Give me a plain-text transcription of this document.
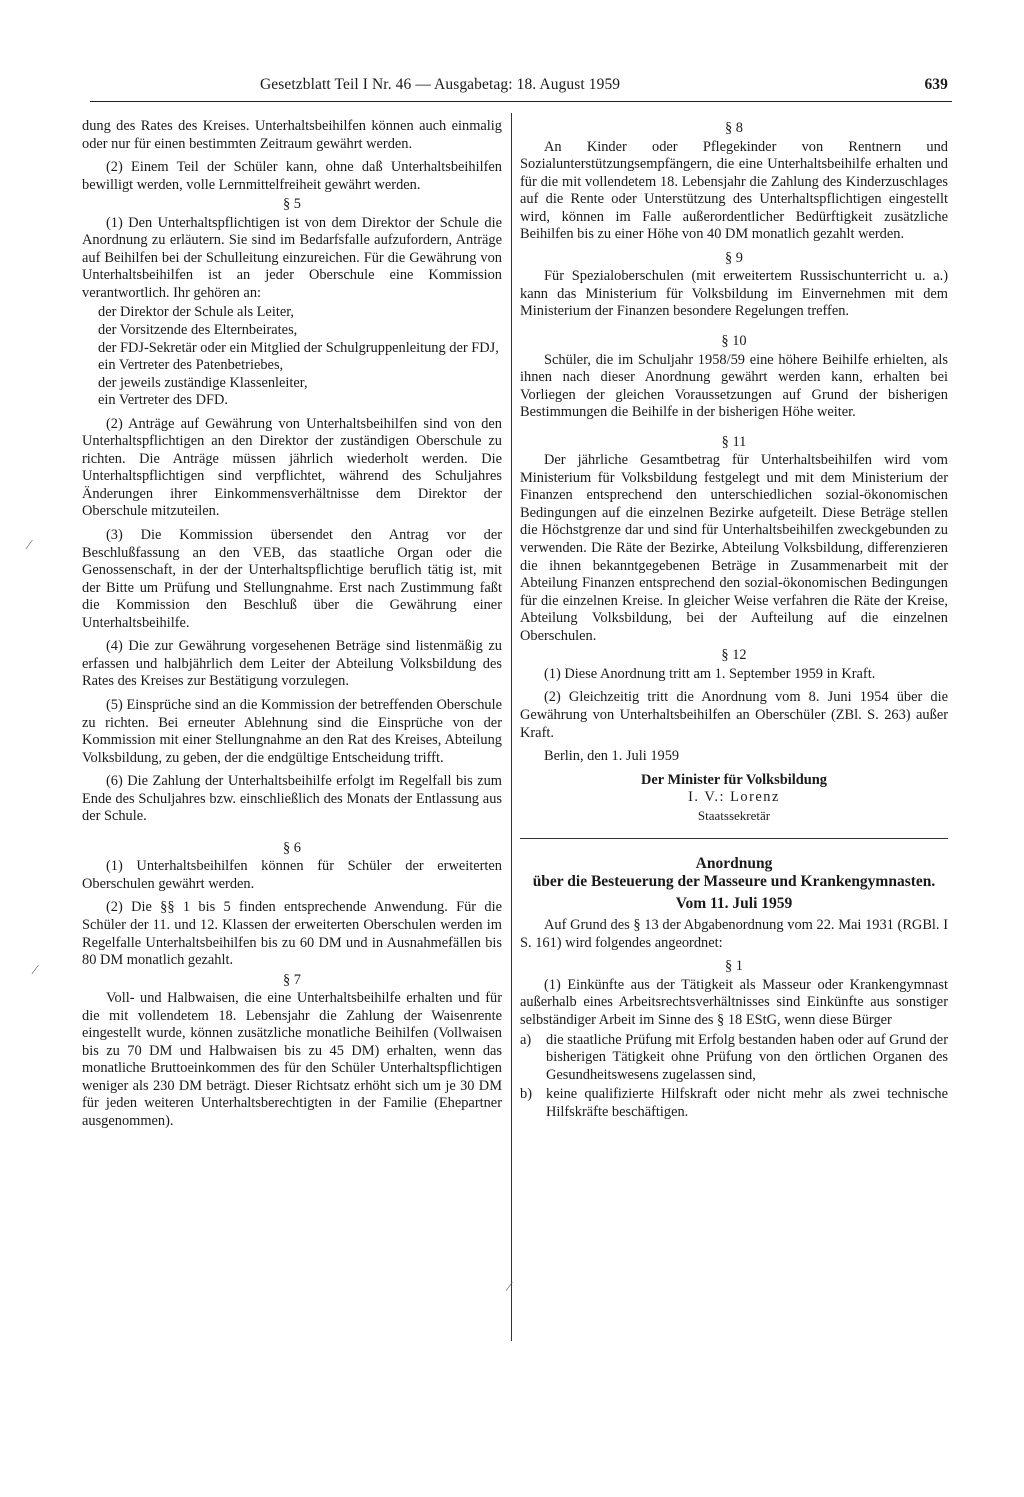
Gesetzblatt Teil I Nr. 46 — Ausgabetag: 18. August 1959	639
⁄
⁄
⁄

dung des Rates des Kreises. Unterhaltsbeihilfen können auch einmalig oder nur für einen bestimmten Zeitraum gewährt werden.

(2) Einem Teil der Schüler kann, ohne daß Unterhaltsbeihilfen bewilligt werden, volle Lernmittelfreiheit gewährt werden.

§ 5

(1) Den Unterhaltspflichtigen ist von dem Direktor der Schule die Anordnung zu erläutern. Sie sind im Bedarfsfalle aufzufordern, Anträge auf Beihilfen bei der Schulleitung einzureichen. Für die Gewährung von Unterhaltsbeihilfen ist an jeder Oberschule eine Kommission verantwortlich. Ihr gehören an:

der Direktor der Schule als Leiter,
der Vorsitzende des Elternbeirates,
der FDJ-Sekretär oder ein Mitglied der Schulgruppenleitung der FDJ,
ein Vertreter des Patenbetriebes,
der jeweils zuständige Klassenleiter,
ein Vertreter des DFD.

(2) Anträge auf Gewährung von Unterhaltsbeihilfen sind von den Unterhaltspflichtigen an den Direktor der zuständigen Oberschule zu richten. Die Anträge müssen jährlich wiederholt werden. Die Unterhaltspflichtigen sind verpflichtet, während des Schuljahres Änderungen ihrer Einkommensverhältnisse dem Direktor der Oberschule mitzuteilen.

(3) Die Kommission übersendet den Antrag vor der Beschlußfassung an den VEB, das staatliche Organ oder die Genossenschaft, in der der Unterhaltspflichtige beruflich tätig ist, mit der Bitte um Prüfung und Stellungnahme. Erst nach Zustimmung faßt die Kommission den Beschluß über die Gewährung einer Unterhaltsbeihilfe.

(4) Die zur Gewährung vorgesehenen Beträge sind listenmäßig zu erfassen und halbjährlich dem Leiter der Abteilung Volksbildung des Rates des Kreises zur Bestätigung vorzulegen.

(5) Einsprüche sind an die Kommission der betreffenden Oberschule zu richten. Bei erneuter Ablehnung sind die Einsprüche von der Kommission mit einer Stellungnahme an den Rat des Kreises, Abteilung Volksbildung, zu geben, der die endgültige Entscheidung trifft.

(6) Die Zahlung der Unterhaltsbeihilfe erfolgt im Regelfall bis zum Ende des Schuljahres bzw. einschließlich des Monats der Entlassung aus der Schule.

§ 6

(1) Unterhaltsbeihilfen können für Schüler der erweiterten Oberschulen gewährt werden.

(2) Die §§ 1 bis 5 finden entsprechende Anwendung. Für die Schüler der 11. und 12. Klassen der erweiterten Oberschulen werden im Regelfalle Unterhaltsbeihilfen bis zu 60 DM und in Ausnahmefällen bis 80 DM monatlich gezahlt.

§ 7

Voll- und Halbwaisen, die eine Unterhaltsbeihilfe erhalten und für die mit vollendetem 18. Lebensjahr die Zahlung der Waisenrente eingestellt wurde, können zusätzliche monatliche Beihilfen (Vollwaisen bis zu 70 DM und Halbwaisen bis zu 45 DM) erhalten, wenn das monatliche Bruttoeinkommen des für den Schüler Unterhaltspflichtigen weniger als 230 DM beträgt. Dieser Richtsatz erhöht sich um je 30 DM für jeden weiteren Unterhaltsberechtigten in der Familie (Ehepartner ausgenommen).

§ 8

An Kinder oder Pflegekinder von Rentnern und Sozialunterstützungsempfängern, die eine Unterhaltsbeihilfe erhalten und für die mit vollendetem 18. Lebensjahr die Zahlung des Kinderzuschlages auf die Rente oder Unterstützung des Unterhaltspflichtigen eingestellt wird, können im Falle außerordentlicher Bedürftigkeit zusätzliche Beihilfen bis zu einer Höhe von 40 DM monatlich gezahlt werden.

§ 9

Für Spezialoberschulen (mit erweitertem Russischunterricht u. a.) kann das Ministerium für Volksbildung im Einvernehmen mit dem Ministerium der Finanzen besondere Regelungen treffen.

§ 10

Schüler, die im Schuljahr 1958/59 eine höhere Beihilfe erhielten, als ihnen nach dieser Anordnung gewährt werden kann, erhalten bei Vorliegen der gleichen Voraussetzungen auf Grund der bisherigen Bestimmungen die Beihilfe in der bisherigen Höhe weiter.

§ 11

Der jährliche Gesamtbetrag für Unterhaltsbeihilfen wird vom Ministerium für Volksbildung festgelegt und mit dem Ministerium der Finanzen entsprechend den unterschiedlichen sozial-ökonomischen Bedingungen auf die einzelnen Bezirke aufgeteilt. Diese Beträge stellen die Höchstgrenze dar und sind für Unterhaltsbeihilfen zweckgebunden zu verwenden. Die Räte der Bezirke, Abteilung Volksbildung, differenzieren die ihnen bekanntgegebenen Beträge in Zusammenarbeit mit der Abteilung Finanzen entsprechend den sozial-ökonomischen Bedingungen für die einzelnen Kreise. In gleicher Weise verfahren die Räte der Kreise, Abteilung Volksbildung, bei der Aufteilung auf die einzelnen Oberschulen.

§ 12

(1) Diese Anordnung tritt am 1. September 1959 in Kraft.

(2) Gleichzeitig tritt die Anordnung vom 8. Juni 1954 über die Gewährung von Unterhaltsbeihilfen an Oberschüler (ZBl. S. 263) außer Kraft.

Berlin, den 1. Juli 1959

Der Minister für Volksbildung
I. V.: Lorenz
Staatssekretär
Anordnung
über die Besteuerung der Masseure und Krankengymnasten.
Vom 11. Juli 1959

Auf Grund des § 13 der Abgabenordnung vom 22. Mai 1931 (RGBl. I S. 161) wird folgendes angeordnet:

§ 1

(1) Einkünfte aus der Tätigkeit als Masseur oder Krankengymnast außerhalb eines Arbeitsrechtsverhältnisses sind Einkünfte aus sonstiger selbständiger Arbeit im Sinne des § 18 EStG, wenn diese Bürger

a)	die staatliche Prüfung mit Erfolg bestanden haben oder auf Grund der bisherigen Tätigkeit ohne Prüfung von den örtlichen Organen des Gesundheitswesens zugelassen sind,
b) keine qualifizierte Hilfskraft oder nicht mehr als zwei technische Hilfskräfte beschäftigen.
